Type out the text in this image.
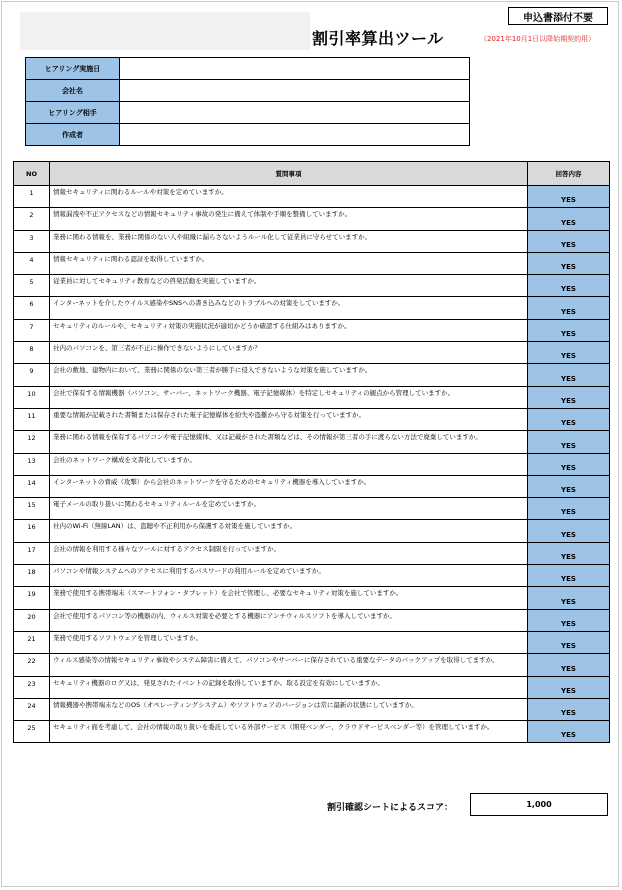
割引率算出ツール
申込書添付不要
（2021年10月1日以降始期契約用）
ヒアリング実施日	
会社名	
ヒアリング相手	
作成者	
NO	質問事項	回答内容
1	情報セキュリティに関わるルールや対策を定めていますか。	YES
2	情報漏洩や不正アクセスなどの情報セキュリティ事故の発生に備えて体制や手順を整備していますか。	YES
3	業務に関わる情報を、業務に関係のない人や組織に漏らさないようルール化して従業員に守らせていますか。	YES
4	情報セキュリティに関わる認証を取得していますか。	YES
5	従業員に対してセキュリティ教育などの啓発活動を実施していますか。	YES
6	インターネットを介したウイルス感染やSNSへの書き込みなどのトラブルへの対策をしていますか。	YES
7	セキュリティのルールや、セキュリティ対策の実施状況が適切かどうか確認する仕組みはありますか。	YES
8	社内のパソコンを、第三者が不正に操作できないようにしていますか？	YES
9	会社の敷地、建物内において、業務に関係のない第三者が勝手に侵入できないような対策を施していますか。	YES
10	会社で保有する情報機器（パソコン、サーバー、ネットワーク機器、電子記憶媒体）を特定しセキュリティの観点から管理していますか。	YES
11	重要な情報が記載された書類または保存された電子記憶媒体を紛失や盗難から守る対策を行っていますか。	YES
12	業務に関わる情報を保有するパソコンや電子記憶媒体、又は記載がされた書類などは、その情報が第三者の手に渡らない方法で廃棄していますか。	YES
13	会社のネットワーク構成を文書化していますか。	YES
14	インターネットの脅威（攻撃）から会社のネットワークを守るためのセキュリティ機器を導入していますか。	YES
15	電子メールの取り扱いに関わるセキュリティルールを定めていますか。	YES
16	社内のWi-Fi（無線LAN）は、盗聴や不正利用から保護する対策を施していますか。	YES
17	会社の情報を利用する様々なツールに対するアクセス制限を行っていますか。	YES
18	パソコンや情報システムへのアクセスに利用するパスワードの利用ルールを定めていますか。	YES
19	業務で使用する携帯端末（スマートフォン・タブレット）を会社で管理し、必要なセキュリティ対策を施していますか。	YES
20	会社で使用するパソコン等の機器の内、ウィルス対策を必要とする機器にアンチウィルスソフトを導入していますか。	YES
21	業務で使用するソフトウェアを管理していますか。	YES
22	ウィルス感染等の情報セキュリティ事故やシステム障害に備えて、パソコンやサーバーに保存されている重要なデータのバックアップを取得してますか。	YES
23	セキュリティ機器のログ又は、発見されたイベントの記録を取得していますか。取る設定を有効にしていますか。	YES
24	情報機器や携帯端末などのOS（オペレーティングシステム）やソフトウェアのバージョンは常に最新の状態にしていますか。	YES
25	セキュリティ面を考慮して、会社の情報の取り扱いを委託している外部サービス（開発ベンダー、クラウドサービスベンダー等）を管理していますか。	YES
割引確認シートによるスコア：	1,000
